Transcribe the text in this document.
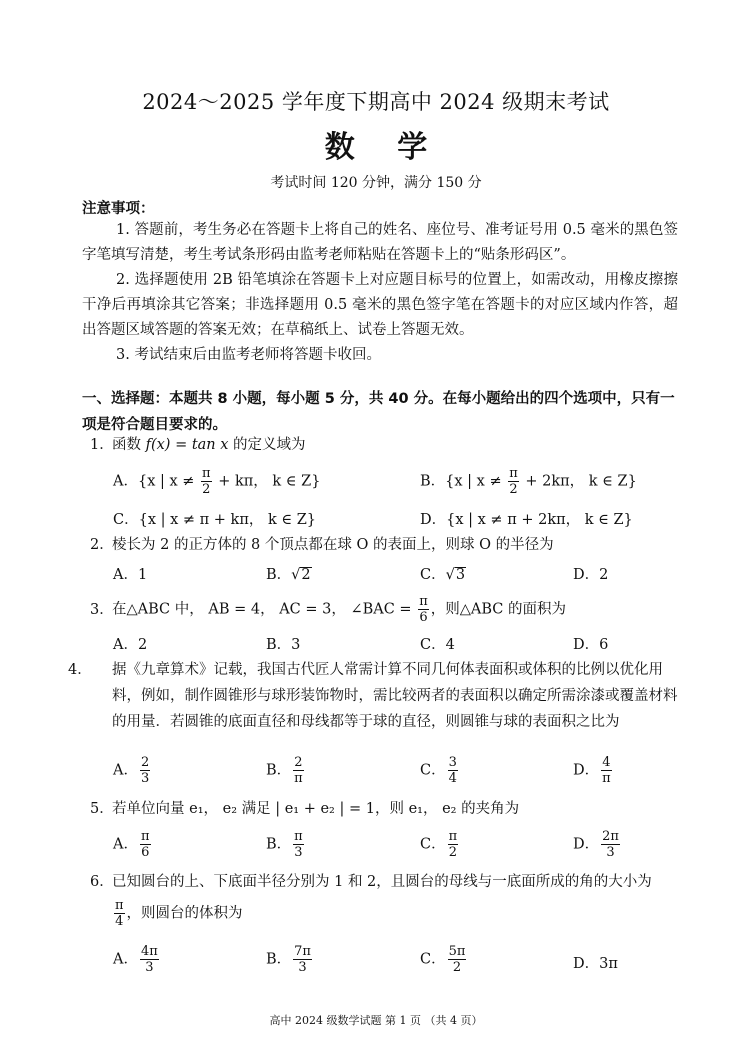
2024～2025 学年度下期高中 2024 级期末考试
数 学
考试时间 120 分钟，满分 150 分
注意事项：
1. 答题前，考生务必在答题卡上将自己的姓名、座位号、准考证号用 0.5 毫米的黑色签字笔填写清楚，考生考试条形码由监考老师粘贴在答题卡上的“贴条形码区”。
2. 选择题使用 2B 铅笔填涂在答题卡上对应题目标号的位置上，如需改动，用橡皮擦擦干净后再填涂其它答案；非选择题用 0.5 毫米的黑色签字笔在答题卡的对应区域内作答，超出答题区域答题的答案无效；在草稿纸上、试卷上答题无效。
3. 考试结束后由监考老师将答题卡收回。
一、选择题：本题共 8 小题，每小题 5 分，共 40 分。在每小题给出的四个选项中，只有一项是符合题目要求的。
1．函数 f(x) = tan x 的定义域为
A．{x | $x \ne \frac{\pi}{2} + k\pi$， k ∈ Z}	B．{x | $x \ne \frac{\pi}{2} + 2k\pi$， k ∈ Z}
C．{x | x ≠ π + kπ， k ∈ Z}	D．{x | x ≠ π + 2kπ， k ∈ Z}
2．棱长为 2 的正方体的 8 个顶点都在球 O 的表面上，则球 O 的半径为
A．1	B．√2	C．√3	D．2
3．在△ABC 中， AB = 4， AC = 3， ∠BAC = $\frac{\pi}{6}$ ，则△ABC 的面积为
A．2	B．3	C．4	D．6
4． 据《九章算术》记载，我国古代匠人常需计算不同几何体表面积或体积的比例以优化用料，例如，制作圆锥形与球形装饰物时，需比较两者的表面积以确定所需涂漆或覆盖材料的用量．若圆锥的底面直径和母线都等于球的直径，则圆锥与球的表面积之比为
A． $\frac{2}{3}$	B． $\frac{2}{\pi}$	C． $\frac{3}{4}$	D． $\frac{4}{\pi}$
5．若单位向量 e₁， e₂ 满足 | e₁ + e₂ | = 1，则 e₁， e₂ 的夹角为
A． $\frac{\pi}{6}$	B． $\frac{\pi}{3}$	C． $\frac{\pi}{2}$	D． $\frac{2\pi}{3}$
6．已知圆台的上、下底面半径分别为 1 和 2，且圆台的母线与一底面所成的角的大小为
$\frac{\pi}{4}$ ，则圆台的体积为
A． $\frac{4\pi}{3}$	B． $\frac{7\pi}{3}$	C． $\frac{5\pi}{2}$	D．3π
高中 2024 级数学试题 第 1 页 （共 4 页）
